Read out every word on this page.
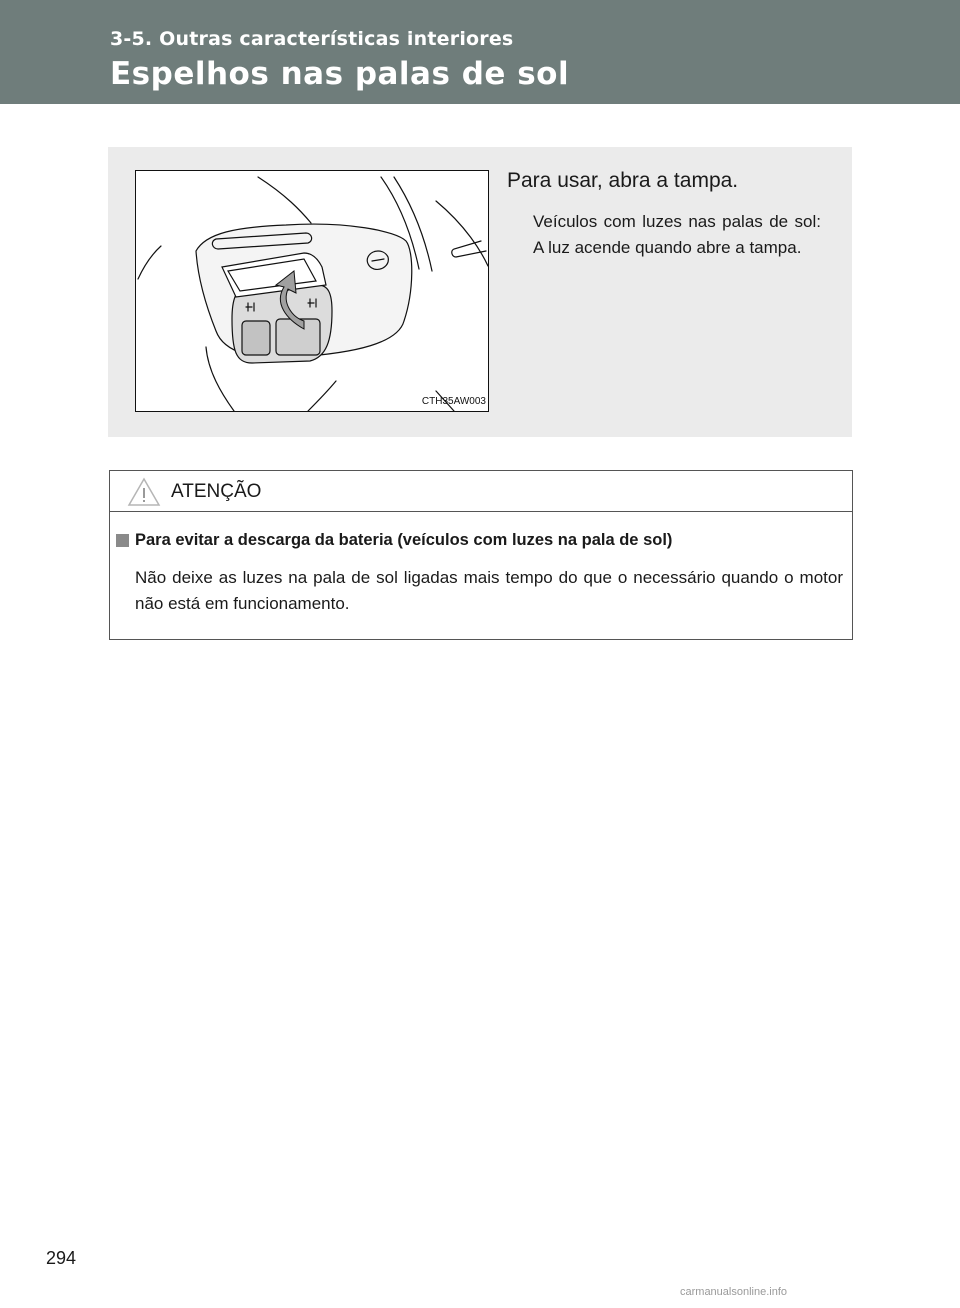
3-5. Outras características interiores
Espelhos nas palas de sol
CTH35AW003

Para usar, abra a tampa.

Veículos com luzes nas palas de sol: A luz acende quando abre a tampa.

ATENÇÃO
Para evitar a descarga da bateria (veículos com luzes na pala de sol)

Não deixe as luzes na pala de sol ligadas mais tempo do que o necessário quando o motor não está em funcionamento.

294
carmanualsonline.info
